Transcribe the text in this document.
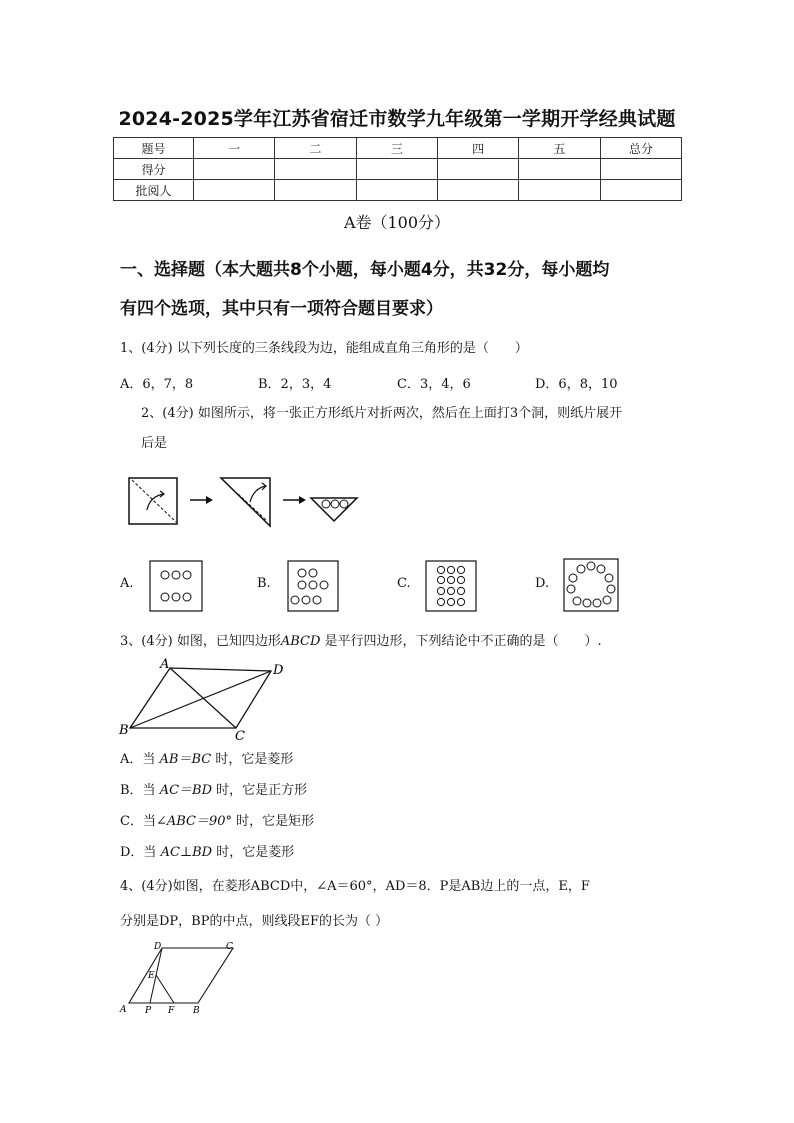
2024-2025学年江苏省宿迁市数学九年级第一学期开学经典试题
题号	一	二	三	四	五	总分
得分						
批阅人						
A卷（100分）
一、选择题（本大题共8个小题，每小题4分，共32分，每小题均
有四个选项，其中只有一项符合题目要求）
1、(4分) 以下列长度的三条线段为边，能组成直角三角形的是（　　）
A．6，7，8	B．2，3，4	C．3，4，6	D．6，8，10
2、(4分) 如图所示，将一张正方形纸片对折两次，然后在上面打3个洞，则纸片展开
后是
A.	B.	C.	D.
3、(4分) 如图，已知四边形ABCD 是平行四边形，下列结论中不正确的是（　　）.
A	D
B	C
A．当 AB＝BC 时，它是菱形
B．当 AC＝BD 时，它是正方形
C．当∠ABC＝90° 时，它是矩形
D．当 AC⊥BD 时，它是菱形
4、(4分)如图，在菱形ABCD中，∠A＝60°，AD＝8．P是AB边上的一点，E，F
分别是DP，BP的中点，则线段EF的长为（ ）
D	C
E
A P F B
